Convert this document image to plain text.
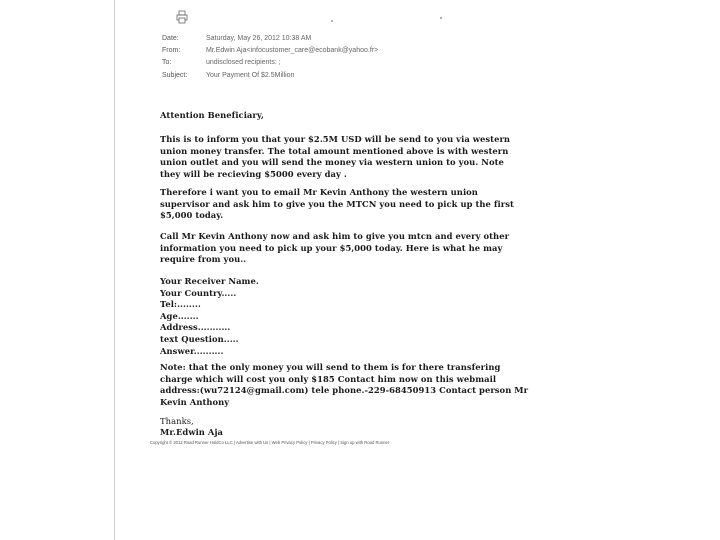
Date:	Saturday, May 26, 2012 10:38 AM
From:	Mr.Edwin Aja<infocustomer_care@ecobank@yahoo.fr>
To:	undisclosed recipients: ;
Subject:	Your Payment Of $2.5Million
Attention Beneficiary,
This is to inform you that your $2.5M USD will be send to you via western
union money transfer. The total amount mentioned above is with western
union outlet and you will send the money via western union to you. Note
they will be recieving $5000 every day .
Therefore i want you to email Mr Kevin Anthony the western union
supervisor and ask him to give you the MTCN you need to pick up the first
$5,000 today.
Call Mr Kevin Anthony now and ask him to give you mtcn and every other
information you need to pick up your $5,000 today. Here is what he may
require from you..
Your Receiver Name.
Your Country.....
Tel:........
Age.......
Address...........
text Question.....
Answer..........
Note: that the only money you will send to them is for there transfering
charge which will cost you only $185 Contact him now on this webmail
address:(wu72124@gmail.com) tele phone.-229-68450913 Contact person Mr
Kevin Anthony
Thanks,
Mr.Edwin Aja
Copyright © 2012 Road Runner HoldCo LLC | Advertise with Us | Web Privacy Policy | Privacy Policy | Sign up with Road Runner
